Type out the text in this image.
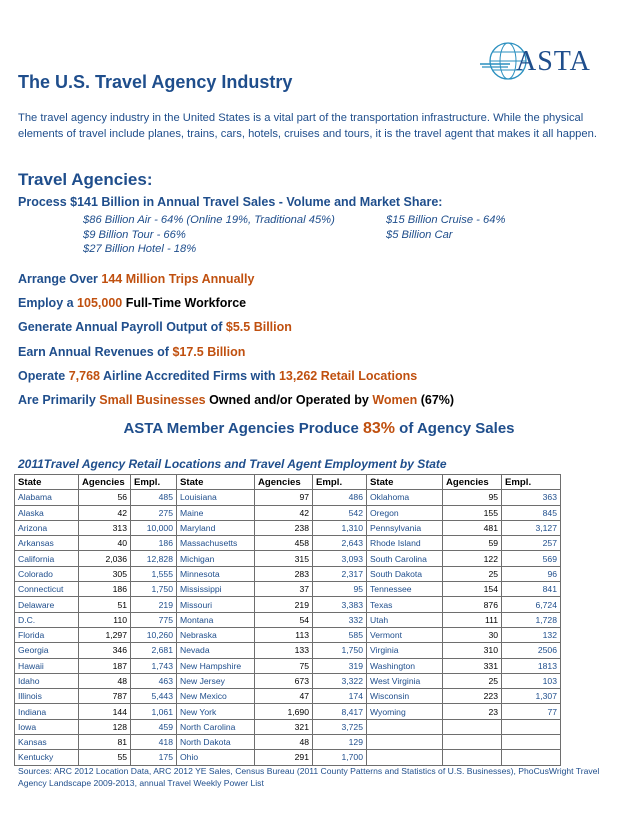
ASTA
The U.S. Travel Agency Industry
The travel agency industry in the United States is a vital part of the transportation infrastructure. While the physical elements of travel include planes, trains, cars, hotels, cruises and tours, it is the travel agent that makes it all happen.
Travel Agencies:
Process $141 Billion in Annual Travel Sales - Volume and Market Share:
$86 Billion Air - 64% (Online 19%, Traditional 45%)
$9 Billion Tour - 66%
$27 Billion Hotel - 18%
$15 Billion Cruise - 64%
$5 Billion Car
Arrange Over 144 Million Trips Annually
Employ a 105,000 Full-Time Workforce
Generate Annual Payroll Output of $5.5 Billion
Earn Annual Revenues of $17.5 Billion
Operate 7,768 Airline Accredited Firms with 13,262 Retail Locations
Are Primarily Small Businesses Owned and/or Operated by Women (67%)
ASTA Member Agencies Produce 83% of Agency Sales
2011Travel Agency Retail Locations and Travel Agent Employment by State
State	Agencies	Empl.	State	Agencies	Empl.	State	Agencies	Empl.
Alabama	56	485	Louisiana	97	486	Oklahoma	95	363
Alaska	42	275	Maine	42	542	Oregon	155	845
Arizona	313	10,000	Maryland	238	1,310	Pennsylvania	481	3,127
Arkansas	40	186	Massachusetts	458	2,643	Rhode Island	59	257
California	2,036	12,828	Michigan	315	3,093	South Carolina	122	569
Colorado	305	1,555	Minnesota	283	2,317	South Dakota	25	96
Connecticut	186	1,750	Mississippi	37	95	Tennessee	154	841
Delaware	51	219	Missouri	219	3,383	Texas	876	6,724
D.C.	110	775	Montana	54	332	Utah	111	1,728
Florida	1,297	10,260	Nebraska	113	585	Vermont	30	132
Georgia	346	2,681	Nevada	133	1,750	Virginia	310	2506
Hawaii	187	1,743	New Hampshire	75	319	Washington	331	1813
Idaho	48	463	New Jersey	673	3,322	West Virginia	25	103
Illinois	787	5,443	New Mexico	47	174	Wisconsin	223	1,307
Indiana	144	1,061	New York	1,690	8,417	Wyoming	23	77
Iowa	128	459	North Carolina	321	3,725			
Kansas	81	418	North Dakota	48	129			
Kentucky	55	175	Ohio	291	1,700			
Sources: ARC 2012 Location Data, ARC 2012 YE Sales, Census Bureau (2011 County Patterns and Statistics of U.S. Businesses), PhoCusWright Travel Agency Landscape 2009-2013, annual Travel Weekly Power List
